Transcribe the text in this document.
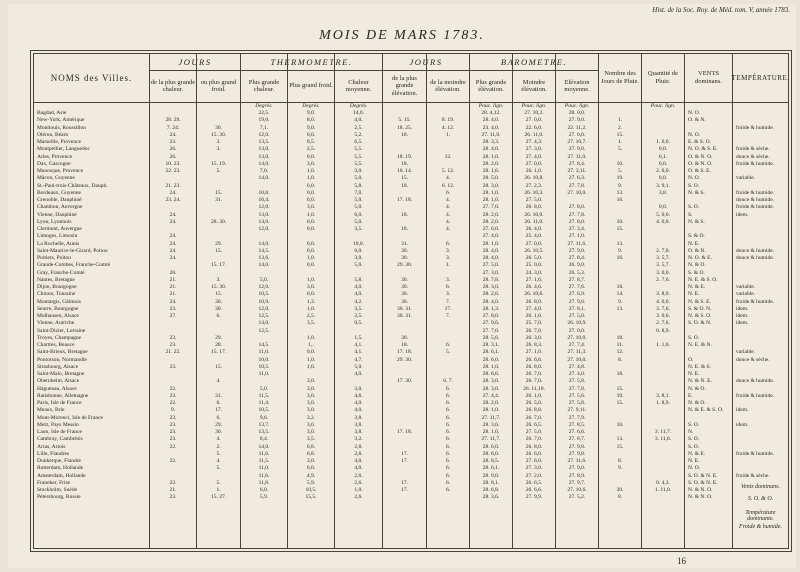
Hist. de la Soc. Roy. de Méd. tom. V, année 1783.
MOIS DE MARS 1783.
NOMS des Villes.
Bagdad, Asie
New-York, Amérique
Montlouis, Roussillon
Oléron, Béarn
Marseille, Provence
Montpellier, Languedoc
Arles, Provence
Dax, Gascogne
Manosque, Provence
Mâcon, Guyenne
St.-Paul-trois-Châteaux, Dauph.
Bordeaux, Guyenne
Grenoble, Dauphiné
Chambon, Auvergne
Vienne, Dauphiné
Lyon, Lyonnois
Clermont, Auvergne
Limoges, Limosin
La Rochelle, Aunis
Saint-Maurice-le-Girard, Poitou
Poitiers, Poitou
Grande-Combes, Franche-Comté
Gray, Franche-Comté
Nantes, Bretagne
Dijon, Bourgogne
Chinon, Touraine
Montargis, Gâtinois
Seurre, Bourgogne
Mulhausen, Alsace
Vienne, Autriche
Saint-Dizier, Lorraine
Troyes, Champagne
Chartres, Beauce
Saint-Brieux, Bretagne
Pontorson, Normandie
Strasbourg, Alsace
Saint-Malo, Bretagne
Obernheim, Alsace
Haguenau, Alsace
Ratisbonne, Allemagne
Paris, Isle de France
Meaux, Brie
Mont-Morenci, Isle de France
Metz, Pays Messin
Laon, Isle de France
Cambray, Cambrésis
Arras, Artois
Lille, Flandres
Dunkerque, Flandre
Rotterdam, Hollande
Amsterdam, Hollande
Franeker, Frise
Stockholm, Suède
Pétersbourg, Russie
JOURS
de la plus grande chaleur.
28. 29.
7. 24.
24.
23.
26.
26.
10. 23.
22. 23.
21. 23.
24.
23. 24.
24.
24.
24.
24.
24.
24.
26.
21.
21.
21.
24.
23.
27.
23.
23.
21. 22.
23.
22.
23.
22.
9.
23.
23.
23.
23.
22.
22.
22.
21.
23.
ou plus grand froid.
30.
15. 30.
3.
3.
15. 19.
5.
15.
31.
28. 30.
29.
15.
15. 17.
3.
15. 30.
15.
30.
30.
6.
29.
28.
15. 17.
15.
4.
31.
6.
17.
6.
29.
30.
4.
2.
5.
4.
5.
5.
1.
15. 27.
THERMOMETRE.
Plus grande chaleur.
Degrés.
22,5.
19,0.
7,1.
12,0.
13,5.
13,0.
13,0.
14,0.
7,0.
14,0.
10,0.
16,4.
12,0.
13,0.
14,0.
12,0.
14,0.
14,5.
13,6.
14,0.
5,0.
12,0.
10,5.
10,9.
12,0.
12,5.
14,0.
12,5.
14,5.
11,0.
10,0.
10,5.
11,0.
5,0.
11,5.
11,4.
10,5.
9,6.
13,7.
13,5.
8,4.
14,0.
11,6.
11,5.
11,0.
11,6.
11,8.
6,0.
5,9.
Plus grand froid.
Degrés.
9,0.
8,0.
9,0.
6,0.
0,5.
2,5.
0,0.
3,0.
1,0.
1,0.
0,0.
0,0.
0,0.
3,0.
1,0.
0,0.
0,0.
0,0.
0,0.
1,0.
0,0.
1,0.
3,0.
0,0.
1,3.
1,0.
2,5.
3,5.
1,0.
1,.
0,0.
1,0.
1,0.
3,0.
3,0.
3,0.
3,0.
3,0.
3,2.
3,0.
3,0.
3,5.
6,8.
6,8.
3,0.
6,0.
4,9.
5,9.
10,5.
15,5.
Chaleur moyenne.
Degrés.
14,0.
4,0.
2,5.
5,2.
6,5.
5,5.
5,5.
5,5.
3,0.
5,0.
5,8.
7,0.
5,0.
5,0.
6,0.
5,0.
3,5.
10,0.
6,0.
3,0.
5,0.
5,8.
4,0.
4,0.
4,2.
3,5.
2,5.
0,5.
1,5.
4,1.
4,1.
4,7.
5,0.
4,0.
3,0.
4,6.
4,0.
4,0.
3,8.
3,8.
3,8.
3,2.
2,8.
2,8.
4,0.
4,0.
2,6.
2,6.
1,0.
2,6.
JOURS
de la plus grande élévation.
5. 15.
18. 25.
18.
18. 19.
18.
10. 14.
15.
18.
17. 18.
18.
18.
31.
30.
30.
29. 30.
30.
30.
30.
30.
30. 31.
30. 31.
30.
18.
17. 18.
29. 30.
17. 30.
17. 18.
17.
17.
17.
17.
de la moindre élévation.
8. 19.
4. 12.
1.
12.
5. 12.
4.
6. 12.
6.
4.
4.
4.
4.
4.
6.
3.
3.
1.
3.
6.
3.
7.
17.
7.
6.
5.
6. 7.
6.
6.
6.
6.
6.
6.
6.
6.
6.
6.
6.
6.
6.
6.
6.
BAROMETRE.
Plus grande élévation.
Pouc. lign.
28. 4,12.
28. 4,0.
23. 4,0.
27. 11,0.
28. 3,3.
28. 4,0.
28. 1,0.
28. 2,0.
28. 1,6.
28. 5,0.
28. 3,0.
28. 1,0.
28. 1,0.
27. 7,0.
28. 2,0.
28. 2,0.
27. 6,0.
27. 4,0.
28. 1,0.
28. 4,0.
28. 4,0.
27. 5,0.
27. 3,0.
28. 7,8.
28. 3,0.
28. 2,6.
28. 4,0.
28. 1,3.
27. 8,0.
27. 9,6.
27. 7,0.
28. 5,6.
28. 3,1.
28. 6,1.
28. 6,0.
28. 1,0.
28. 6,6.
28. 3,0.
28. 3,0.
27. 4,4.
28. 2,0.
28. 1,0.
27. 11,7.
28. 3,6.
28. 1,0.
27. 11,7.
28. 6,0.
28. 6,0.
28. 8,5.
28. 6,1.
28. 9,0.
28. 8,1.
28. 6,8.
28. 3,6.
Moindre élévation.
Pouc. lign.
27. 10,3.
27. 0,0.
22. 6,0.
26. 11,0.
27. 4,3.
27. 3,0.
27. 4,0.
27. 0,0.
26. 1,0.
26. 10,8.
27. 2,3.
26. 10,3.
27. 5,0.
26. 8,0.
26. 10,0.
26. 11,0.
26. 4,0.
25. 4,0.
27. 0,0.
26. 10,5.
26. 5,0.
25. 0,0.
24. 3,0.
27. 1,6.
26. 4,6.
26. 10,6.
26. 8,0.
27. 4,0.
26. 1,6.
25. 7,0.
26. 7,0.
26. 3,0.
26. 8,3.
27. 1,0.
26. 6,6.
26. 8,0.
26. 7,0.
26. 7,0.
26. 11,10.
26. 1,0.
26. 5,0.
26. 8,8.
26. 7,0.
26. 6,5.
27. 5,0.
26. 7,0.
26. 8,0.
26. 6,0.
27. 6,0.
27. 3,0.
27. 2,0.
26. 6,5.
26. 6,6.
27. 9,9.
Elévation moyenne.
Pouc. lign.
28. 0,0.
27. 9,0.
22. 11,2.
27. 6,0.
27. 10,7.
27. 9,0.
27. 11,0.
27. 8,4.
27. 3,11.
27. 6,3.
27. 7,8.
27. 10,0.
27. 8,0.
27. 7,8.
27. 8,0.
27. 3,4.
27. 1,0.
27. 11,6.
27. 9,0.
27. 8,4.
26. 9,0.
26. 5,3.
27. 8,7.
27. 7,6.
27. 6,9.
27. 9,6.
27. 8,1.
27. 5,0.
26. 10,9.
27. 0,0.
27. 10,0.
27. 7,4.
27. 11,3.
27. 10,0.
27. 4,8.
27. 4,0.
27. 5,8.
27. 7,8.
27. 5,6.
27. 5,8.
27. 9,11.
27. 7,9.
27. 8,5.
27. 6,6.
27. 8,7.
27. 9,8.
27. 9,8.
27. 11,6.
27. 9,0.
27. 8,9.
27. 9,7.
27. 10,6.
27. 5,2.
Nombre des Jours de Pluie.
1.
2.
15.
1.
5.
10.
5.
19.
9.
13.
16.
10.
15.
13.
9.
16.
18.
14.
9.
13.
18.
11.
12.
8.
18.
15.
19.
15.
10.
13.
15.
8.
9.
20.
8.
Quantité de Pluie.
Pouc. lign.
1. 0,0.
0,0.
6,1.
0,0.
2. 0,0.
0,0.
3. 9,1.
3,8.
0,0.
5. 0,0.
4. 0,0.
2. 7,6.
3. 5,7.
3. 5,7.
3. 0,0.
2. 7,6.
3. 8,9.
4. 0,0.
3. 7,6.
3. 0,6.
2. 7,6.
0. 8,9.
1. 1,6.
3. 8,1.
1. 8,9.
3. 11,7.
3. 11,6.
0. 4,3.
1. 11,0.
VENTS dominans.
N. O.
O. & N.
N. O.
E. & S. O.
N. O. & S. E.
O. & N. O.
O. & N. O.
O. & S. E.
N. O.
S. O.
N. & S.
S. O.
S.
N. & S.
S. & O.
N. E.
O. & N.
N. O. & E.
N. & O.
S. & O.
N. E. & S. O.
N. & E.
N. E.
N. & S. E.
S. & O. N.
N. & S. O.
S. O. & N.
S. O.
N. E. & N.
O.
N. E. & S.
N. E.
N. & N. E.
N. & O.
E.
N. & O.
N. & E. & S. O.
S. O.
N.
S. O.
S. O.
N. & E.
N. E.
N. O.
S. O. & N. E.
S. O. & N. E.
N. & N. O.
N. & N. O.
TEMPÉRATURE.
froide & humide.
froide & sèche.
douce & sèche.
froide & humide.
variable.
froide & humide.
douce & humide.
froide & humide.
idem.
douce & humide.
douce & humide.
variable.
variable.
froide & humide.
idem.
idem.
idem.
variable.
douce & sèche.
douce & humide.
froide & humide.
idem.
idem.
froide & humide.
froide & sèche.
Vents dominans.
S. O. & O.
Température dominante.
Froide & humide.
16
